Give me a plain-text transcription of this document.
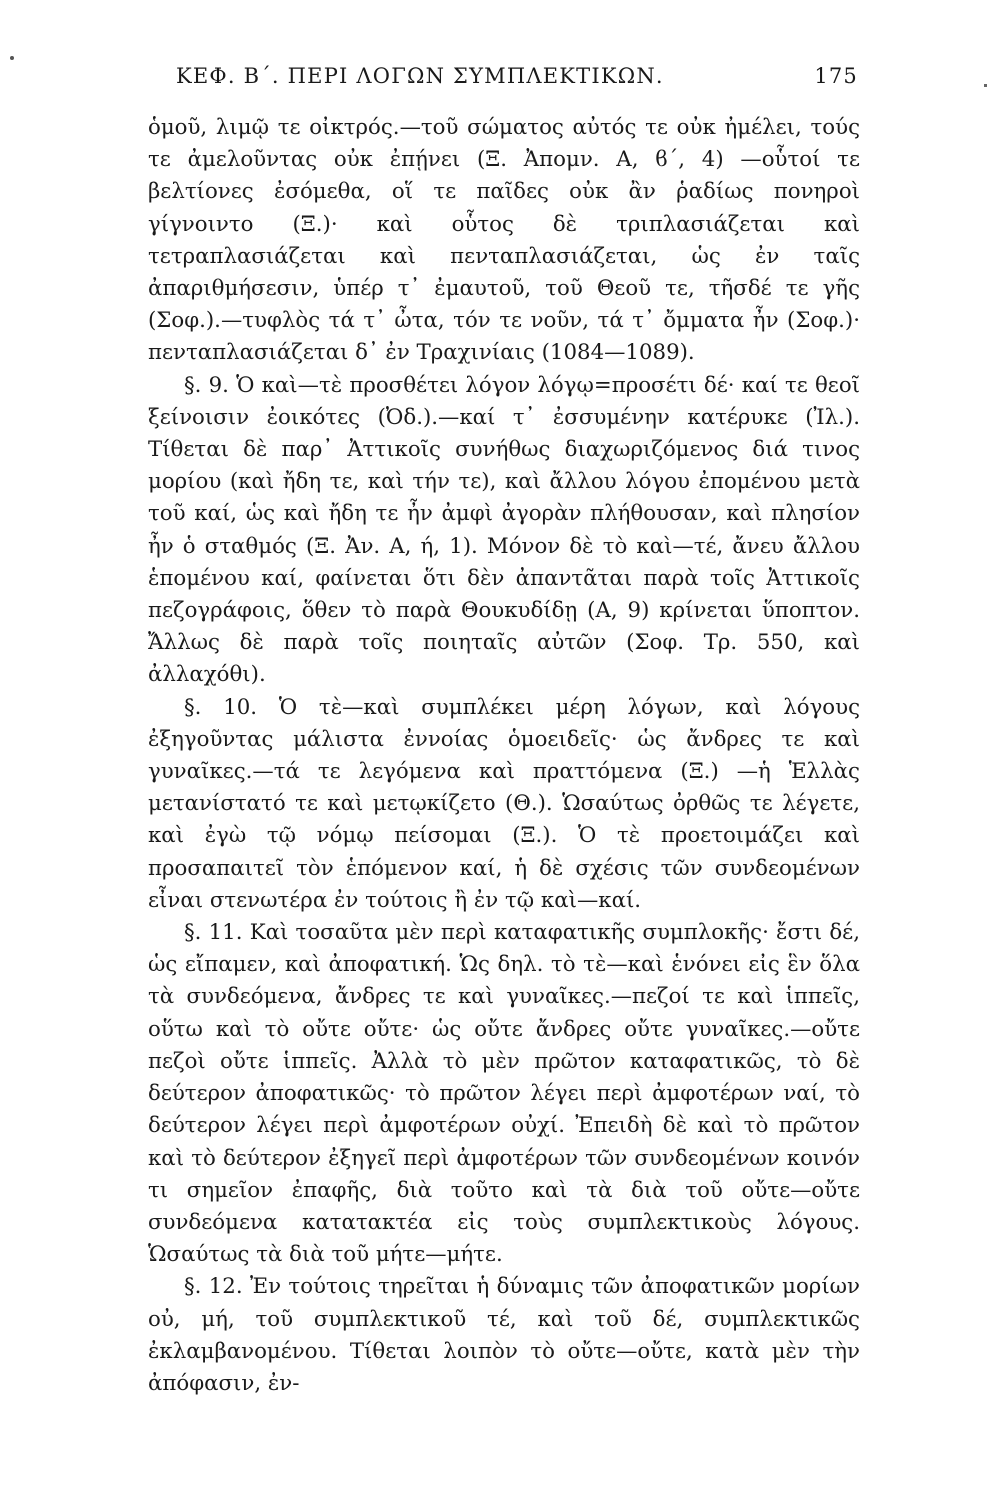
ΚΕΦ. Β΄. ΠΕΡΙ ΛΟΓΩΝ ΣΥΜΠΛΕΚΤΙΚΩΝ.	175

ὁμοῦ, λιμῷ τε οἰκτρός.—τοῦ σώματος αὐτός τε οὐκ ἠμέλει, τούς τε ἀμελοῦντας οὐκ ἐπῄνει (Ξ. Ἀπομν. Α, ϐ΄, 4) —οὗτοί τε βελτίονες ἐσόμεθα, οἵ τε παῖδες οὐκ ἂν ῥαδίως πονηροὶ γίγνοιντο (Ξ.)· καὶ οὗτος δὲ τριπλασιάζεται καὶ τετραπλασιάζεται καὶ πενταπλασιάζεται, ὡς ἐν ταῖς ἀπαριθμήσεσιν, ὑπέρ τ᾿ ἐμαυτοῦ, τοῦ Θεοῦ τε, τῆσδέ τε γῆς (Σοφ.).—τυφλὸς τά τ᾿ ὦτα, τόν τε νοῦν, τά τ᾿ ὄμματα ἦν (Σοφ.)· πενταπλασιάζεται δ᾿ ἐν Τραχινίαις (1084—1089).

§. 9. Ὁ καὶ—τὲ προσθέτει λόγον λόγῳ=προσέτι δέ· καί τε θεοῖ ξείνοισιν ἐοικότες (Ὀδ.).—καί τ᾿ ἐσσυμένην κατέρυκε (Ἰλ.). Τίθεται δὲ παρ᾿ Ἀττικοῖς συνήθως διαχωριζόμενος διά τινος μορίου (καὶ ἤδη τε, καὶ τήν τε), καὶ ἄλλου λόγου ἐπομένου μετὰ τοῦ καί, ὡς καὶ ἤδη τε ἦν ἀμφὶ ἀγορὰν πλήθουσαν, καὶ πλησίον ἦν ὁ σταθμός (Ξ. Ἀν. Α, ή, 1). Μόνον δὲ τὸ καὶ—τέ, ἄνευ ἄλλου ἑπομένου καί, φαίνεται ὅτι δὲν ἀπαντᾶται παρὰ τοῖς Ἀττικοῖς πεζογράφοις, ὅθεν τὸ παρὰ Θουκυδίδῃ (Α, 9) κρίνεται ὕποπτον. Ἄλλως δὲ παρὰ τοῖς ποιηταῖς αὐτῶν (Σοφ. Τρ. 550, καὶ ἀλλαχόθι).

§. 10. Ὁ τὲ—καὶ συμπλέκει μέρη λόγων, καὶ λόγους ἐξηγοῦντας μάλιστα ἐννοίας ὁμοειδεῖς· ὡς ἄνδρες τε καὶ γυναῖκες.—τά τε λεγόμενα καὶ πραττόμενα (Ξ.) —ἡ Ἑλλὰς μετανίστατό τε καὶ μετῳκίζετο (Θ.). Ὡσαύτως ὀρθῶς τε λέγετε, καὶ ἐγὼ τῷ νόμῳ πείσομαι (Ξ.). Ὁ τὲ προετοιμάζει καὶ προσαπαιτεῖ τὸν ἑπόμενον καί, ἡ δὲ σχέσις τῶν συνδεομένων εἶναι στενωτέρα ἐν τούτοις ἢ ἐν τῷ καὶ—καί.

§. 11. Καὶ τοσαῦτα μὲν περὶ καταφατικῆς συμπλοκῆς· ἔστι δέ, ὡς εἴπαμεν, καὶ ἀποφατική. Ὡς δηλ. τὸ τὲ—καὶ ἑνόνει εἰς ἓν ὅλα τὰ συνδεόμενα, ἄνδρες τε καὶ γυναῖκες.—πεζοί τε καὶ ἱππεῖς, οὕτω καὶ τὸ οὔτε οὔτε· ὡς οὔτε ἄνδρες οὔτε γυναῖκες.—οὔτε πεζοὶ οὔτε ἱππεῖς. Ἀλλὰ τὸ μὲν πρῶτον καταφατικῶς, τὸ δὲ δεύτερον ἀποφατικῶς· τὸ πρῶτον λέγει περὶ ἀμφοτέρων ναί, τὸ δεύτερον λέγει περὶ ἀμφοτέρων οὐχί. Ἐπειδὴ δὲ καὶ τὸ πρῶτον καὶ τὸ δεύτερον ἐξηγεῖ περὶ ἀμφοτέρων τῶν συνδεομένων κοινόν τι σημεῖον ἐπαφῆς, διὰ τοῦτο καὶ τὰ διὰ τοῦ οὔτε—οὔτε συνδεόμενα κατατακτέα εἰς τοὺς συμπλεκτικοὺς λόγους. Ὡσαύτως τὰ διὰ τοῦ μήτε—μήτε.

§. 12. Ἐν τούτοις τηρεῖται ἡ δύναμις τῶν ἀποφατικῶν μορίων οὐ, μή, τοῦ συμπλεκτικοῦ τέ, καὶ τοῦ δέ, συμπλεκτικῶς ἐκλαμβανομένου. Τίθεται λοιπὸν τὸ οὔτε—οὔτε, κατὰ μὲν τὴν ἀπόφασιν, ἐν-
